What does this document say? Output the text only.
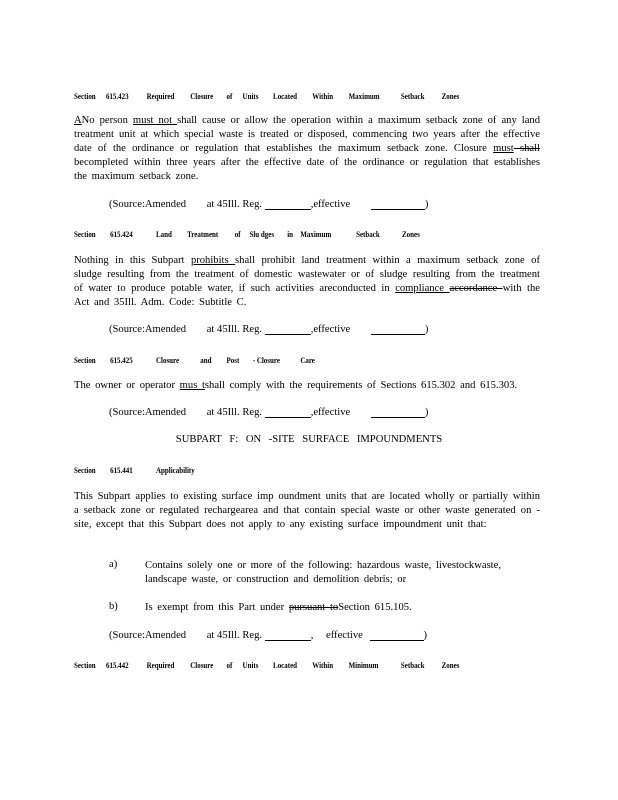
Section	615.423	Required	Closure	of	Units	Located	Within	Maximum	Setback	Zones
ANo person must not shall cause or allow the operation within a maximum setback zone of any land treatment unit at which special waste is treated or disposed, commencing two years after the effective date of the ordinance or regulation that establishes the maximum setback zone. Closure must shall becompleted within three years after the effective date of the ordinance or regulation that establishes the maximum setback zone.
(Source:Amended at 45Ill. Reg.	,effective	)
Section	615.424	Land	Treatment	of	Slu dges	in Maximum	Setback	Zones
Nothing in this Subpart prohibits shall prohibit land treatment within a maximum setback zone of sludge resulting from the treatment of domestic wastewater or of sludge resulting from the treatment of water to produce potable water, if such activities areconducted in compliance accordance with the Act and 35Ill. Adm. Code: Subtitle C.
(Source:Amended at 45Ill. Reg.	,effective	)
Section	615.425	Closure	and	Post	- Closure	Care
The owner or operator mus tshall comply with the requirements of Sections 615.302 and 615.303.
(Source:Amended at 45Ill. Reg.	,effective	)
SUBPART F: ON -SITE SURFACE IMPOUNDMENTS
Section	615.441	Applicability
This Subpart applies to existing surface imp oundment units that are located wholly or partially within a setback zone or regulated rechargearea and that contain special waste or other waste generated on -site, except that this Subpart does not apply to any existing surface impoundment unit that:
a)	Contains solely one or more of the following: hazardous waste, livestockwaste, landscape waste, or construction and demolition debris; or
b)	Is exempt from this Part under pursuant toSection 615.105.
(Source:Amended at 45Ill. Reg.	, effective	)
Section	615.442	Required	Closure	of	Units	Located	Within	Minimum	Setback	Zones
